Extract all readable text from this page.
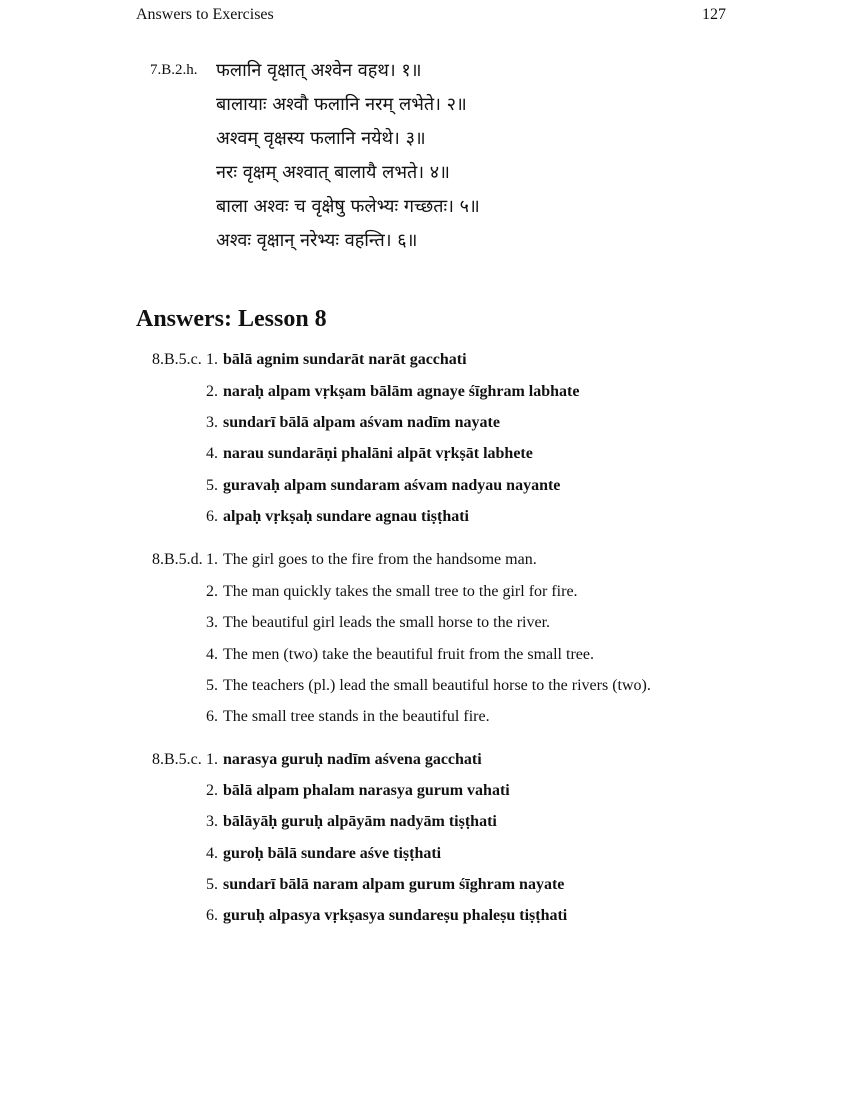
Answers to Exercises	127
7.B.2.h. फलानि वृक्षात् अश्वेन वहथ। १॥
बालायाः अश्वौ फलानि नरम् लभेते। २॥
अश्वम् वृक्षस्य फलानि नयेथे। ३॥
नरः वृक्षम् अश्वात् बालायै लभते। ४॥
बाला अश्वः च वृक्षेषु फलेभ्यः गच्छतः। ५॥
अश्वः वृक्षान् नरेभ्यः वहन्ति। ६॥
Answers: Lesson 8
8.B.5.c. 1. bālā agnim sundarāt narāt gacchati
2. naraḥ alpam vṛkṣam bālām agnaye śīghram labhate
3. sundarī bālā alpam aśvam nadīm nayate
4. narau sundarāṇi phalāni alpāt vṛkṣāt labhete
5. guravaḥ alpam sundaram aśvam nadyau nayante
6. alpaḥ vṛkṣaḥ sundare agnau tiṣṭhati
8.B.5.d. 1. The girl goes to the fire from the handsome man.
2. The man quickly takes the small tree to the girl for fire.
3. The beautiful girl leads the small horse to the river.
4. The men (two) take the beautiful fruit from the small tree.
5. The teachers (pl.) lead the small beautiful horse to the rivers (two).
6. The small tree stands in the beautiful fire.
8.B.5.c. 1. narasya guruḥ nadīm aśvena gacchati
2. bālā alpam phalam narasya gurum vahati
3. bālāyāḥ guruḥ alpāyām nadyām tiṣṭhati
4. guroḥ bālā sundare aśve tiṣṭhati
5. sundarī bālā naram alpam gurum śīghram nayate
6. guruḥ alpasya vṛkṣasya sundareṣu phaleṣu tiṣṭhati
